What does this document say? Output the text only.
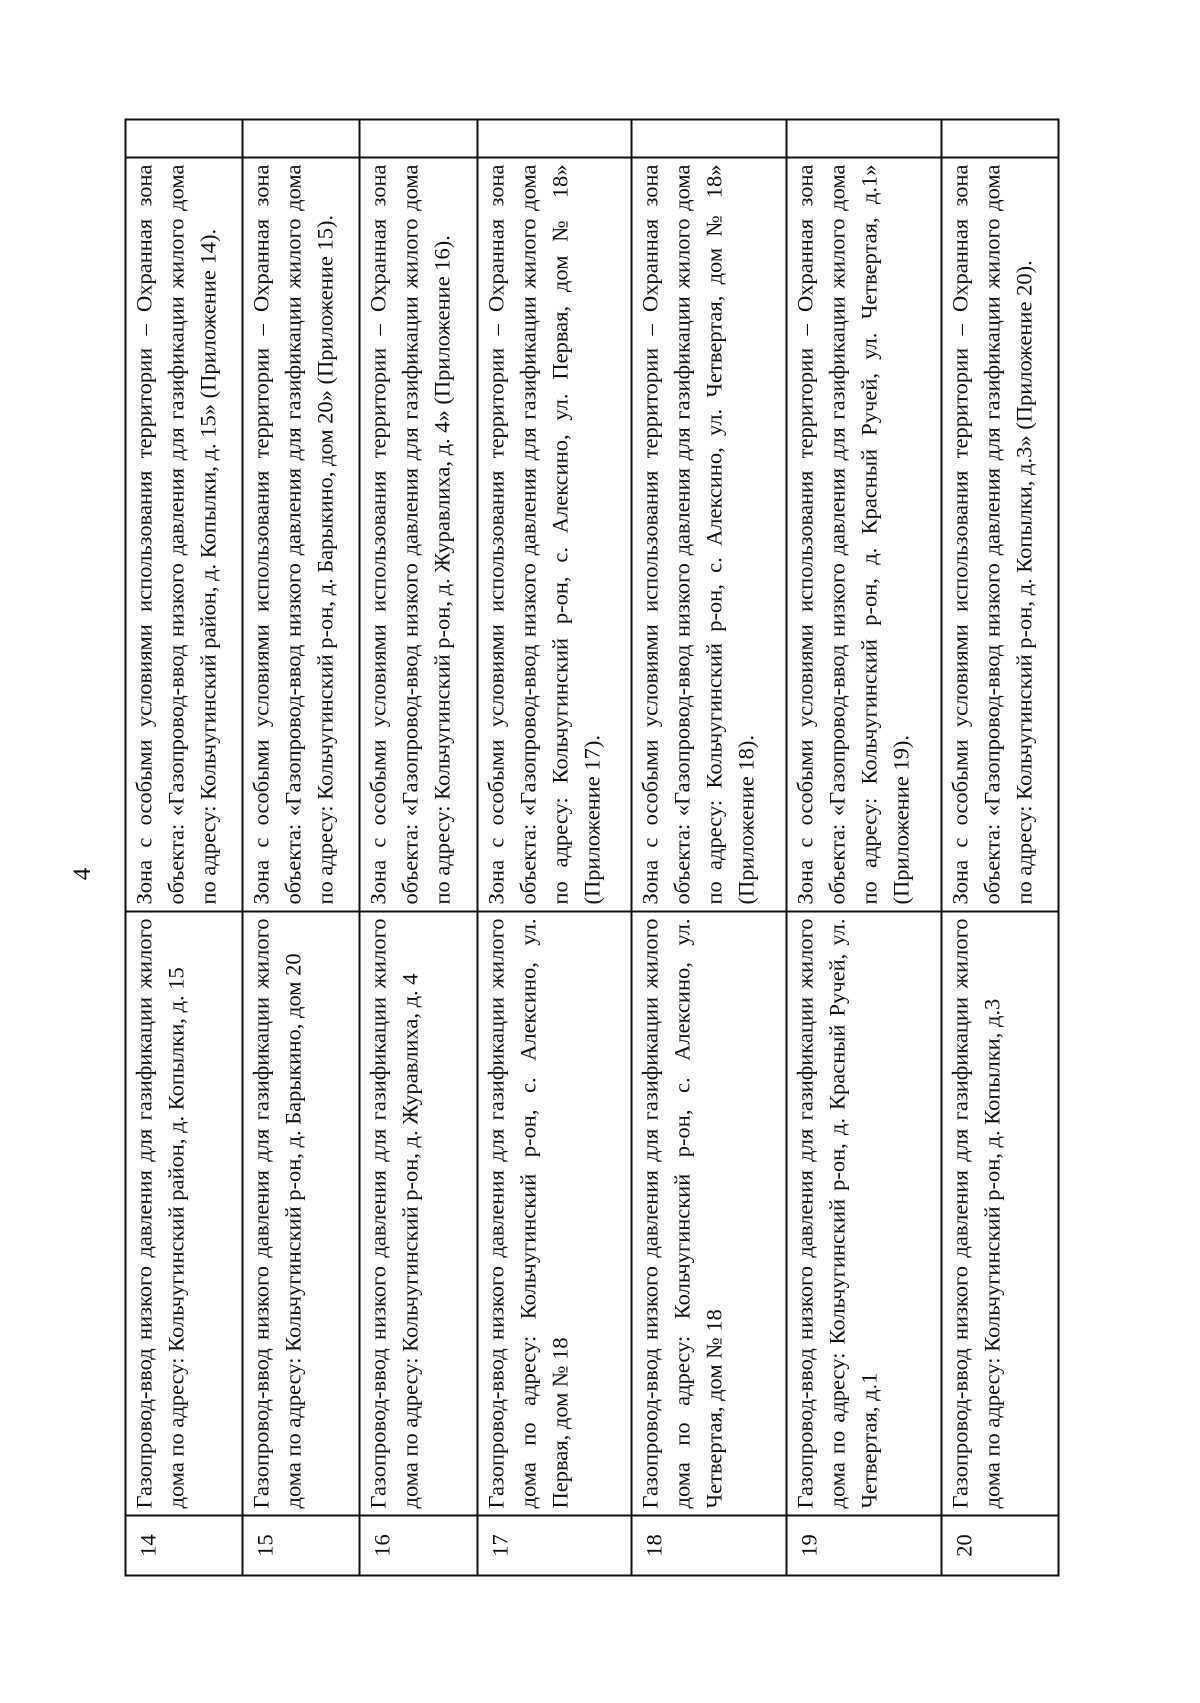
4
14	Газопровод-ввод низкого давления для газификации жилого дома по адресу: Кольчугинский район, д. Копылки, д. 15	Зона с особыми условиями использования территории – Охранная зона объекта: «Газопровод-ввод низкого давления для газификации жилого дома по адресу: Кольчугинский район, д. Копылки, д. 15» (Приложение 14).	
15	Газопровод-ввод низкого давления для газификации жилого дома по адресу: Кольчугинский р-он, д. Барыкино, дом 20	Зона с особыми условиями использования территории – Охранная зона объекта: «Газопровод-ввод низкого давления для газификации жилого дома по адресу: Кольчугинский р-он, д. Барыкино, дом 20» (Приложение 15).	
16	Газопровод-ввод низкого давления для газификации жилого дома по адресу: Кольчугинский р-он, д. Журавлиха, д. 4	Зона с особыми условиями использования территории – Охранная зона объекта: «Газопровод-ввод низкого давления для газификации жилого дома по адресу: Кольчугинский р-он, д. Журавлиха, д. 4» (Приложение 16).	
17	Газопровод-ввод низкого давления для газификации жилого дома по адресу: Кольчугинский р-он, с. Алексино, ул. Первая, дом № 18	Зона с особыми условиями использования территории – Охранная зона объекта: «Газопровод-ввод низкого давления для газификации жилого дома по адресу: Кольчугинский р-он, с. Алексино, ул. Первая, дом № 18» (Приложение 17).	
18	Газопровод-ввод низкого давления для газификации жилого дома по адресу: Кольчугинский р-он, с. Алексино, ул. Четвертая, дом № 18	Зона с особыми условиями использования территории – Охранная зона объекта: «Газопровод-ввод низкого давления для газификации жилого дома по адресу: Кольчугинский р-он, с. Алексино, ул. Четвертая, дом № 18» (Приложение 18).	
19	Газопровод-ввод низкого давления для газификации жилого дома по адресу: Кольчугинский р-он, д. Красный Ручей, ул. Четвертая, д.1	Зона с особыми условиями использования территории – Охранная зона объекта: «Газопровод-ввод низкого давления для газификации жилого дома по адресу: Кольчугинский р-он, д. Красный Ручей, ул. Четвертая, д.1» (Приложение 19).	
20	Газопровод-ввод низкого давления для газификации жилого дома по адресу: Кольчугинский р-он, д. Копылки, д.3	Зона с особыми условиями использования территории – Охранная зона объекта: «Газопровод-ввод низкого давления для газификации жилого дома по адресу: Кольчугинский р-он, д. Копылки, д.3» (Приложение 20).	
